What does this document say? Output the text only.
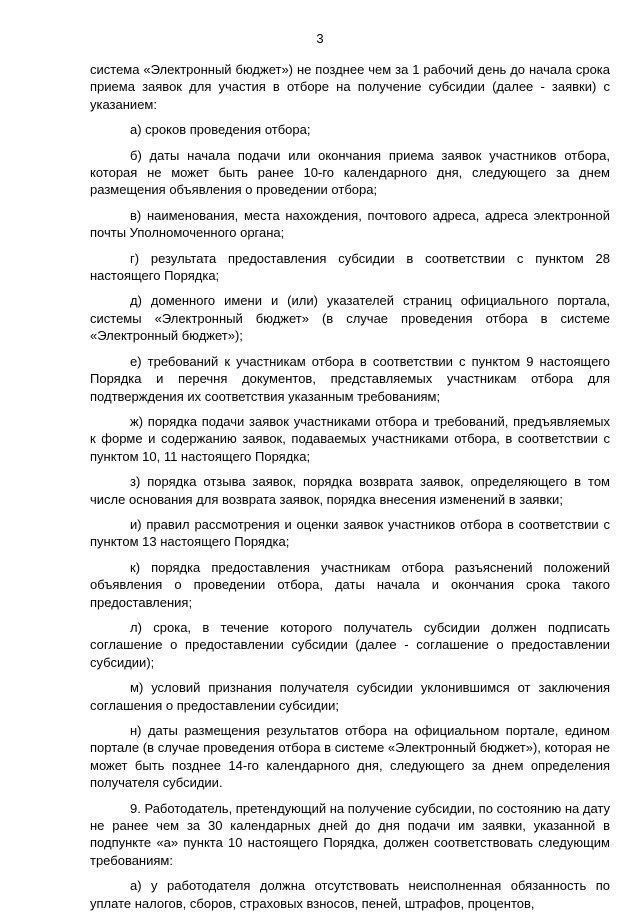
3

система «Электронный бюджет») не позднее чем за 1 рабочий день до начала срока приема заявок для участия в отборе на получение субсидии (далее - заявки) с указанием:

а) сроков проведения отбора;

б) даты начала подачи или окончания приема заявок участников отбора, которая не может быть ранее 10-го календарного дня, следующего за днем размещения объявления о проведении отбора;

в) наименования, места нахождения, почтового адреса, адреса электронной почты Уполномоченного органа;

г) результата предоставления субсидии в соответствии с пунктом 28 настоящего Порядка;

д) доменного имени и (или) указателей страниц официального портала, системы «Электронный бюджет» (в случае проведения отбора в системе «Электронный бюджет»);

е) требований к участникам отбора в соответствии с пунктом 9 настоящего Порядка и перечня документов, представляемых участникам отбора для подтверждения их соответствия указанным требованиям;

ж) порядка подачи заявок участниками отбора и требований, предъявляемых к форме и содержанию заявок, подаваемых участниками отбора, в соответствии с пунктом 10, 11 настоящего Порядка;

з) порядка отзыва заявок, порядка возврата заявок, определяющего в том числе основания для возврата заявок, порядка внесения изменений в заявки;

и) правил рассмотрения и оценки заявок участников отбора в соответствии с пунктом 13 настоящего Порядка;

к) порядка предоставления участникам отбора разъяснений положений объявления о проведении отбора, даты начала и окончания срока такого предоставления;

л) срока, в течение которого получатель субсидии должен подписать соглашение о предоставлении субсидии (далее - соглашение о предоставлении субсидии);

м) условий признания получателя субсидии уклонившимся от заключения соглашения о предоставлении субсидии;

н) даты размещения результатов отбора на официальном портале, едином портале (в случае проведения отбора в системе «Электронный бюджет»), которая не может быть позднее 14-го календарного дня, следующего за днем определения получателя субсидии.

9. Работодатель, претендующий на получение субсидии, по состоянию на дату не ранее чем за 30 календарных дней до дня подачи им заявки, указанной в подпункте «а» пункта 10 настоящего Порядка, должен соответствовать следующим требованиям:

а) у работодателя должна отсутствовать неисполненная обязанность по уплате налогов, сборов, страховых взносов, пеней, штрафов, процентов,
